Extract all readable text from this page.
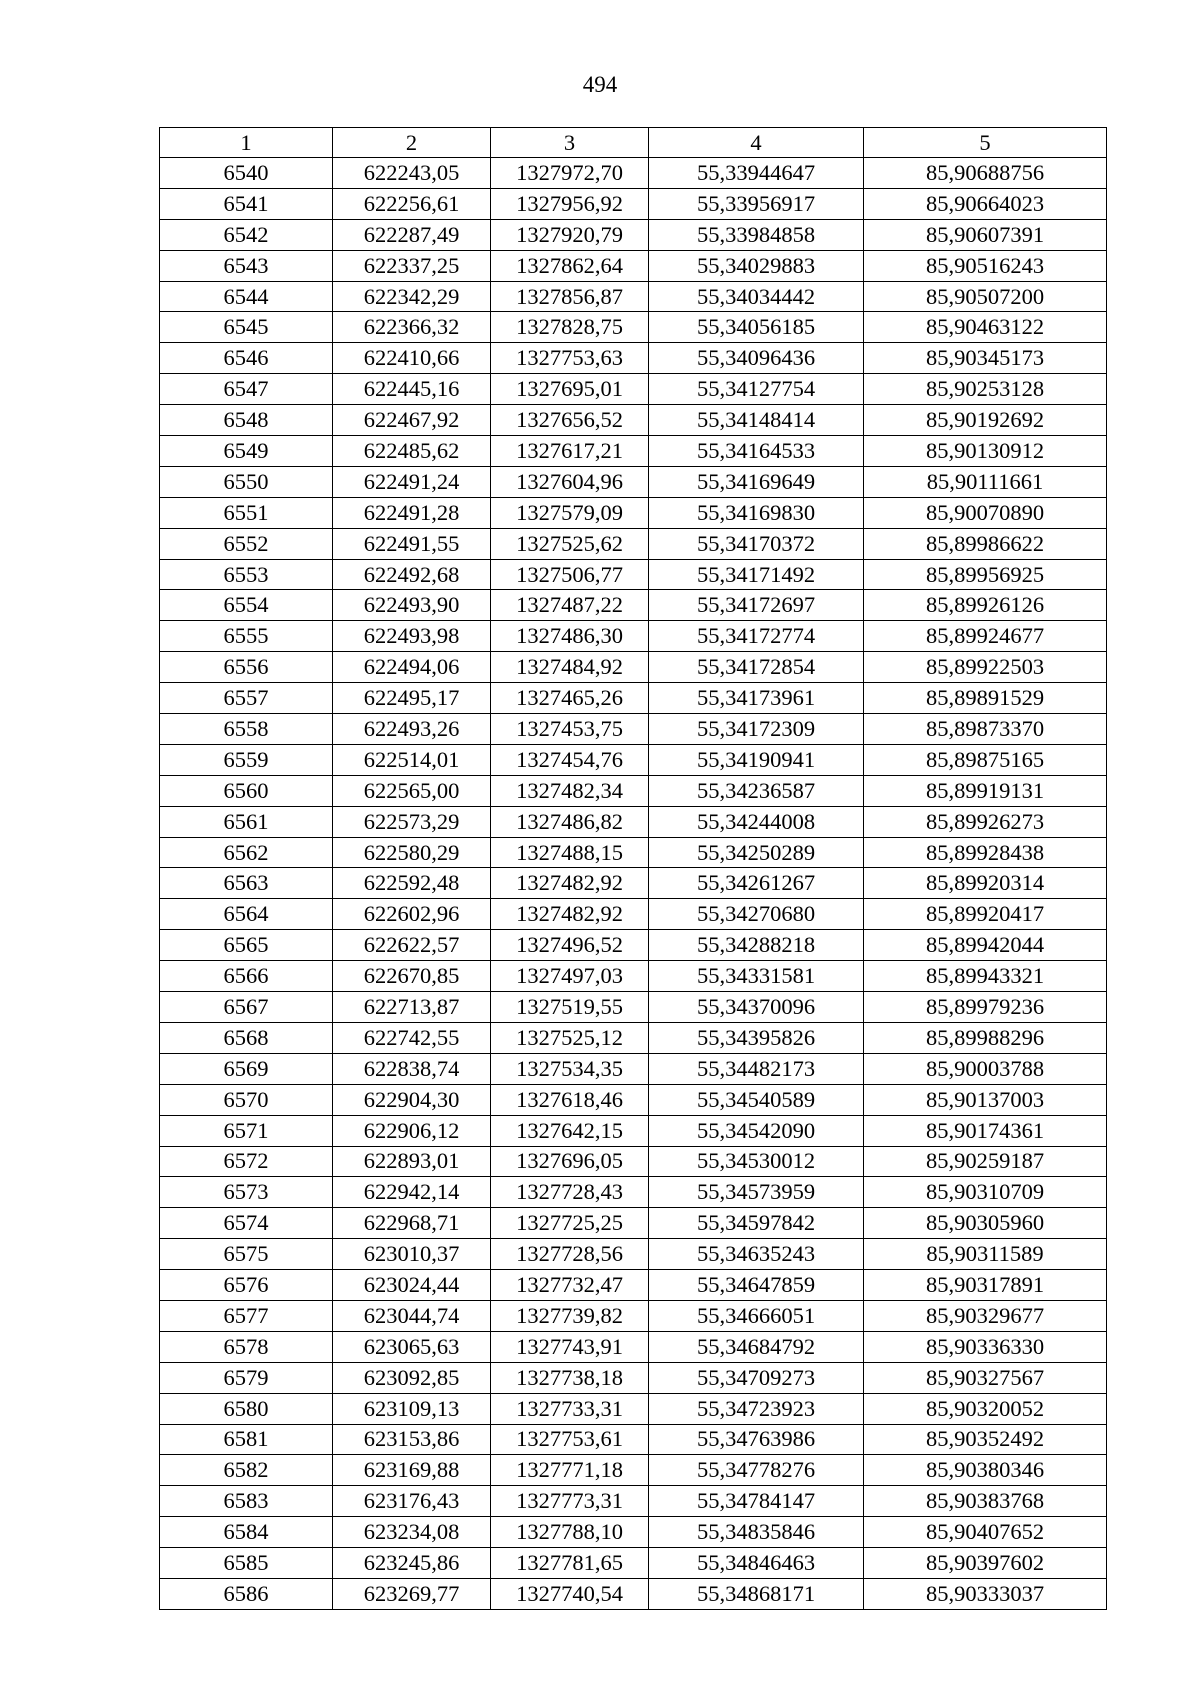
494
1	2	3	4	5
6540	622243,05	1327972,70	55,33944647	85,90688756
6541	622256,61	1327956,92	55,33956917	85,90664023
6542	622287,49	1327920,79	55,33984858	85,90607391
6543	622337,25	1327862,64	55,34029883	85,90516243
6544	622342,29	1327856,87	55,34034442	85,90507200
6545	622366,32	1327828,75	55,34056185	85,90463122
6546	622410,66	1327753,63	55,34096436	85,90345173
6547	622445,16	1327695,01	55,34127754	85,90253128
6548	622467,92	1327656,52	55,34148414	85,90192692
6549	622485,62	1327617,21	55,34164533	85,90130912
6550	622491,24	1327604,96	55,34169649	85,90111661
6551	622491,28	1327579,09	55,34169830	85,90070890
6552	622491,55	1327525,62	55,34170372	85,89986622
6553	622492,68	1327506,77	55,34171492	85,89956925
6554	622493,90	1327487,22	55,34172697	85,89926126
6555	622493,98	1327486,30	55,34172774	85,89924677
6556	622494,06	1327484,92	55,34172854	85,89922503
6557	622495,17	1327465,26	55,34173961	85,89891529
6558	622493,26	1327453,75	55,34172309	85,89873370
6559	622514,01	1327454,76	55,34190941	85,89875165
6560	622565,00	1327482,34	55,34236587	85,89919131
6561	622573,29	1327486,82	55,34244008	85,89926273
6562	622580,29	1327488,15	55,34250289	85,89928438
6563	622592,48	1327482,92	55,34261267	85,89920314
6564	622602,96	1327482,92	55,34270680	85,89920417
6565	622622,57	1327496,52	55,34288218	85,89942044
6566	622670,85	1327497,03	55,34331581	85,89943321
6567	622713,87	1327519,55	55,34370096	85,89979236
6568	622742,55	1327525,12	55,34395826	85,89988296
6569	622838,74	1327534,35	55,34482173	85,90003788
6570	622904,30	1327618,46	55,34540589	85,90137003
6571	622906,12	1327642,15	55,34542090	85,90174361
6572	622893,01	1327696,05	55,34530012	85,90259187
6573	622942,14	1327728,43	55,34573959	85,90310709
6574	622968,71	1327725,25	55,34597842	85,90305960
6575	623010,37	1327728,56	55,34635243	85,90311589
6576	623024,44	1327732,47	55,34647859	85,90317891
6577	623044,74	1327739,82	55,34666051	85,90329677
6578	623065,63	1327743,91	55,34684792	85,90336330
6579	623092,85	1327738,18	55,34709273	85,90327567
6580	623109,13	1327733,31	55,34723923	85,90320052
6581	623153,86	1327753,61	55,34763986	85,90352492
6582	623169,88	1327771,18	55,34778276	85,90380346
6583	623176,43	1327773,31	55,34784147	85,90383768
6584	623234,08	1327788,10	55,34835846	85,90407652
6585	623245,86	1327781,65	55,34846463	85,90397602
6586	623269,77	1327740,54	55,34868171	85,90333037
